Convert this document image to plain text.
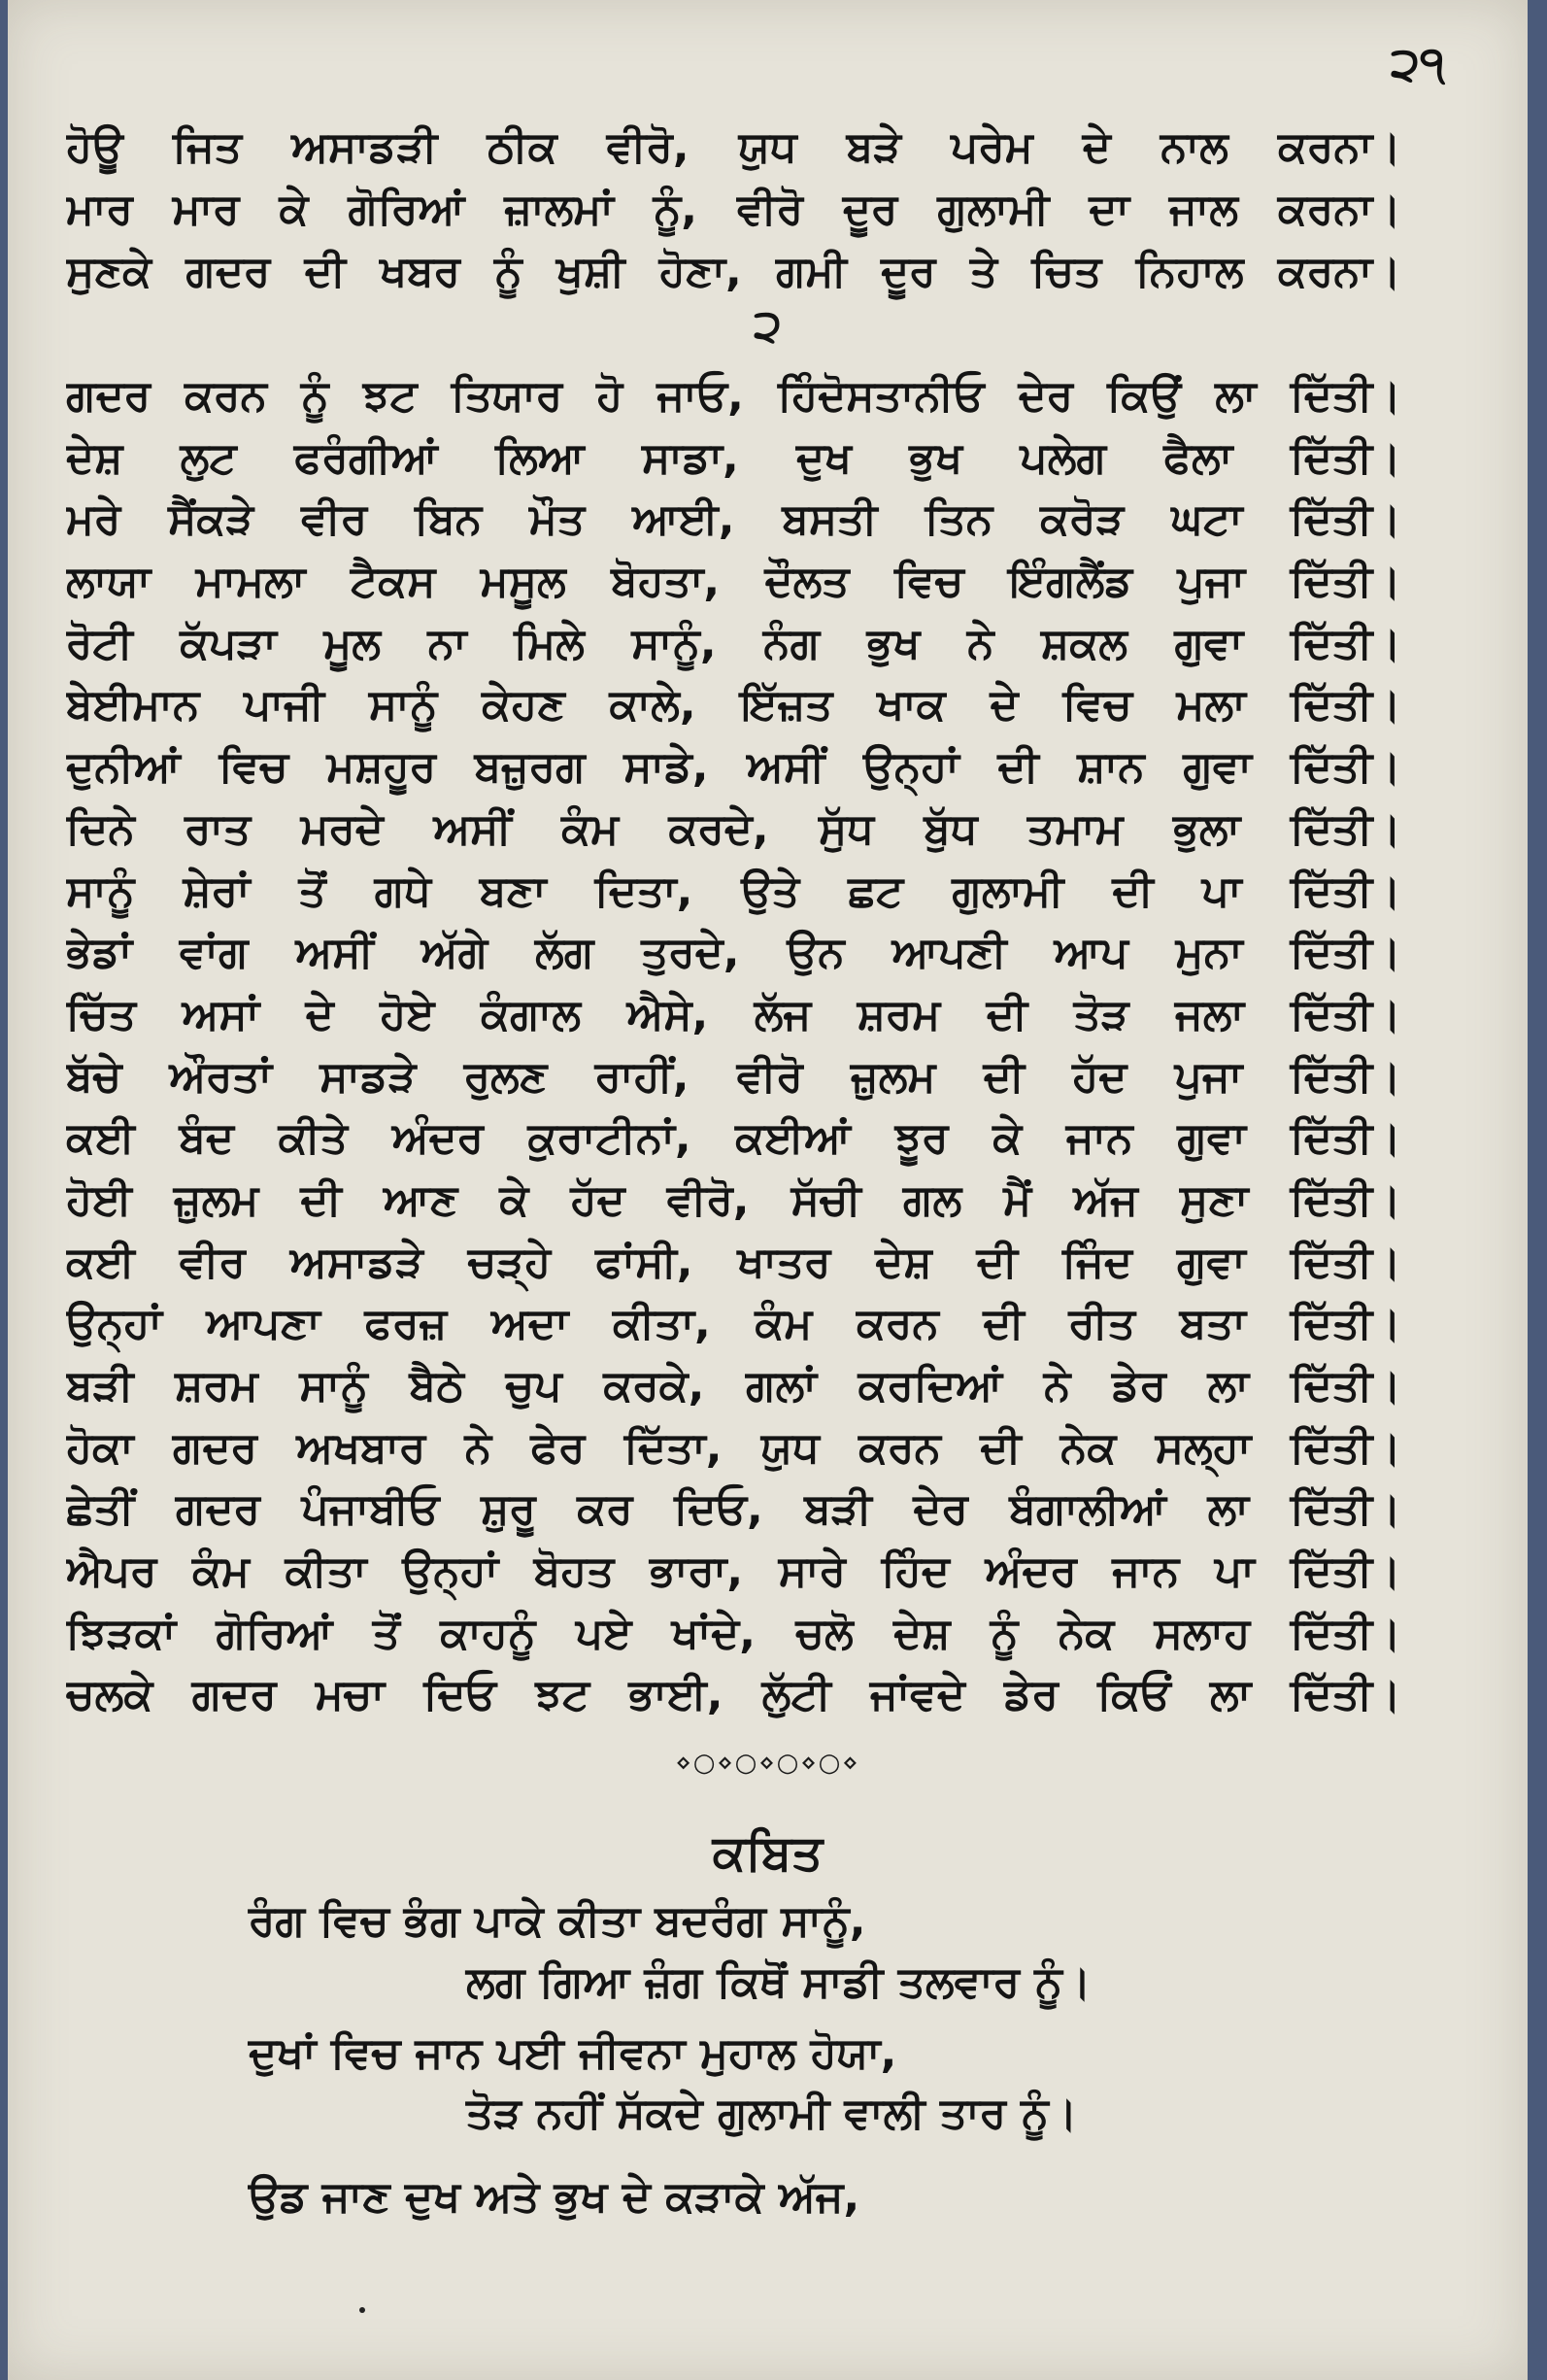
੨੧
ਹੋਊ ਜਿਤ ਅਸਾਡੜੀ ਠੀਕ ਵੀਰੋ, ਯੁਧ ਬੜੇ ਪਰੇਮ ਦੇ ਨਾਲ ਕਰਨਾ।
ਮਾਰ ਮਾਰ ਕੇ ਗੋਰਿਆਂ ਜ਼ਾਲਮਾਂ ਨੂੰ, ਵੀਰੋ ਦੂਰ ਗੁਲਾਮੀ ਦਾ ਜਾਲ ਕਰਨਾ।
ਸੁਣਕੇ ਗਦਰ ਦੀ ਖਬਰ ਨੂੰ ਖੁਸ਼ੀ ਹੋਣਾ, ਗਮੀ ਦੂਰ ਤੇ ਚਿਤ ਨਿਹਾਲ ਕਰਨਾ।
੨
ਗਦਰ ਕਰਨ ਨੂੰ ਝਟ ਤਿਯਾਰ ਹੋ ਜਾਓ, ਹਿੰਦੋਸਤਾਨੀਓ ਦੇਰ ਕਿਉਂ ਲਾ ਦਿੱਤੀ।
ਦੇਸ਼ ਲੁਟ ਫਰੰਗੀਆਂ ਲਿਆ ਸਾਡਾ, ਦੁਖ ਭੁਖ ਪਲੇਗ ਫੈਲਾ ਦਿੱਤੀ।
ਮਰੇ ਸੈਂਕੜੇ ਵੀਰ ਬਿਨ ਮੌਤ ਆਈ, ਬਸਤੀ ਤਿਨ ਕਰੋੜ ਘਟਾ ਦਿੱਤੀ।
ਲਾਯਾ ਮਾਮਲਾ ਟੈਕਸ ਮਸੂਲ ਬੋਹਤਾ, ਦੌਲਤ ਵਿਚ ਇੰਗਲੈਂਡ ਪੁਜਾ ਦਿੱਤੀ।
ਰੋਟੀ ਕੱਪੜਾ ਮੂਲ ਨਾ ਮਿਲੇ ਸਾਨੂੰ, ਨੰਗ ਭੁਖ ਨੇ ਸ਼ਕਲ ਗੁਵਾ ਦਿੱਤੀ।
ਬੇਈਮਾਨ ਪਾਜੀ ਸਾਨੂੰ ਕੇਹਣ ਕਾਲੇ, ਇੱਜ਼ਤ ਖਾਕ ਦੇ ਵਿਚ ਮਲਾ ਦਿੱਤੀ।
ਦੁਨੀਆਂ ਵਿਚ ਮਸ਼ਹੂਰ ਬਜ਼ੁਰਗ ਸਾਡੇ, ਅਸੀਂ ਉਨ੍ਹਾਂ ਦੀ ਸ਼ਾਨ ਗੁਵਾ ਦਿੱਤੀ।
ਦਿਨੇ ਰਾਤ ਮਰਦੇ ਅਸੀਂ ਕੰਮ ਕਰਦੇ, ਸੁੱਧ ਬੁੱਧ ਤਮਾਮ ਭੁਲਾ ਦਿੱਤੀ।
ਸਾਨੂੰ ਸ਼ੇਰਾਂ ਤੋਂ ਗਧੇ ਬਣਾ ਦਿਤਾ, ਉਤੇ ਛਟ ਗੁਲਾਮੀ ਦੀ ਪਾ ਦਿੱਤੀ।
ਭੇਡਾਂ ਵਾਂਗ ਅਸੀਂ ਅੱਗੇ ਲੱਗ ਤੁਰਦੇ, ਉਨ ਆਪਣੀ ਆਪ ਮੁਨਾ ਦਿੱਤੀ।
ਚਿੱਤ ਅਸਾਂ ਦੇ ਹੋਏ ਕੰਗਾਲ ਐਸੇ, ਲੱਜ ਸ਼ਰਮ ਦੀ ਤੋੜ ਜਲਾ ਦਿੱਤੀ।
ਬੱਚੇ ਔਰਤਾਂ ਸਾਡੜੇ ਰੁਲਣ ਰਾਹੀਂ, ਵੀਰੋ ਜ਼ੁਲਮ ਦੀ ਹੱਦ ਪੁਜਾ ਦਿੱਤੀ।
ਕਈ ਬੰਦ ਕੀਤੇ ਅੰਦਰ ਕੁਰਾਟੀਨਾਂ, ਕਈਆਂ ਝੂਰ ਕੇ ਜਾਨ ਗੁਵਾ ਦਿੱਤੀ।
ਹੋਈ ਜ਼ੁਲਮ ਦੀ ਆਣ ਕੇ ਹੱਦ ਵੀਰੋ, ਸੱਚੀ ਗਲ ਮੈਂ ਅੱਜ ਸੁਣਾ ਦਿੱਤੀ।
ਕਈ ਵੀਰ ਅਸਾਡੜੇ ਚੜ੍ਹੇ ਫਾਂਸੀ, ਖਾਤਰ ਦੇਸ਼ ਦੀ ਜਿੰਦ ਗੁਵਾ ਦਿੱਤੀ।
ਉਨ੍ਹਾਂ ਆਪਣਾ ਫਰਜ਼ ਅਦਾ ਕੀਤਾ, ਕੰਮ ਕਰਨ ਦੀ ਰੀਤ ਬਤਾ ਦਿੱਤੀ।
ਬੜੀ ਸ਼ਰਮ ਸਾਨੂੰ ਬੈਠੇ ਚੁਪ ਕਰਕੇ, ਗਲਾਂ ਕਰਦਿਆਂ ਨੇ ਡੇਰ ਲਾ ਦਿੱਤੀ।
ਹੋਕਾ ਗਦਰ ਅਖਬਾਰ ਨੇ ਫੇਰ ਦਿੱਤਾ, ਯੁਧ ਕਰਨ ਦੀ ਨੇਕ ਸਲ੍ਹਾ ਦਿੱਤੀ।
ਛੇਤੀਂ ਗਦਰ ਪੰਜਾਬੀਓ ਸ਼ੁਰੂ ਕਰ ਦਿਓ, ਬੜੀ ਦੇਰ ਬੰਗਾਲੀਆਂ ਲਾ ਦਿੱਤੀ।
ਐਪਰ ਕੰਮ ਕੀਤਾ ਉਨ੍ਹਾਂ ਬੋਹਤ ਭਾਰਾ, ਸਾਰੇ ਹਿੰਦ ਅੰਦਰ ਜਾਨ ਪਾ ਦਿੱਤੀ।
ਝਿੜਕਾਂ ਗੋਰਿਆਂ ਤੋਂ ਕਾਹਨੂੰ ਪਏ ਖਾਂਦੇ, ਚਲੋ ਦੇਸ਼ ਨੂੰ ਨੇਕ ਸਲਾਹ ਦਿੱਤੀ।
ਚਲਕੇ ਗਦਰ ਮਚਾ ਦਿਓ ਝਟ ਭਾਈ, ਲੁੱਟੀ ਜਾਂਵਦੇ ਡੇਰ ਕਿਓਂ ਲਾ ਦਿੱਤੀ।
⋄○⋄○⋄○⋄○⋄
ਕਬਿਤ
ਰੰਗ ਵਿਚ ਭੰਗ ਪਾਕੇ ਕੀਤਾ ਬਦਰੰਗ ਸਾਨੂੰ,
ਲਗ ਗਿਆ ਜ਼ੰਗ ਕਿਥੋਂ ਸਾਡੀ ਤਲਵਾਰ ਨੂੰ।
ਦੁਖਾਂ ਵਿਚ ਜਾਨ ਪਈ ਜੀਵਨਾ ਮੁਹਾਲ ਹੋਯਾ,
ਤੋੜ ਨਹੀਂ ਸੱਕਦੇ ਗੁਲਾਮੀ ਵਾਲੀ ਤਾਰ ਨੂੰ।
ਉਡ ਜਾਣ ਦੁਖ ਅਤੇ ਭੁਖ ਦੇ ਕੜਾਕੇ ਅੱਜ,
